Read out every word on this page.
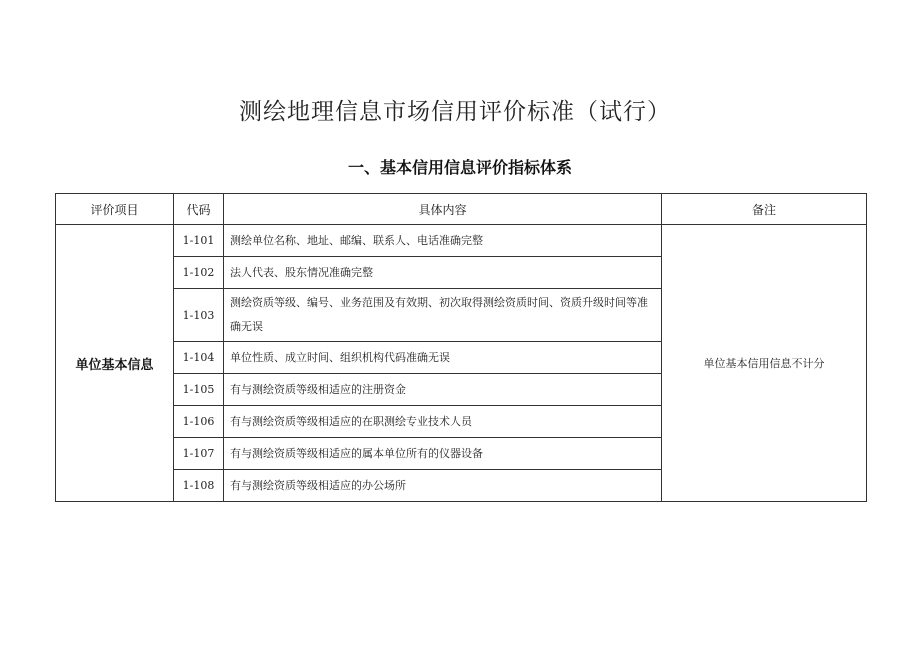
测绘地理信息市场信用评价标准（试行）
一、基本信用信息评价指标体系
评价项目	代码	具体内容	备注
单位基本信息	1-101	测绘单位名称、地址、邮编、联系人、电话准确完整	单位基本信用信息不计分
	1-102	法人代表、股东情况准确完整	
	1-103	测绘资质等级、编号、业务范围及有效期、初次取得测绘资质时间、资质升级时间等准确无误	
	1-104	单位性质、成立时间、组织机构代码准确无误	
	1-105	有与测绘资质等级相适应的注册资金	
	1-106	有与测绘资质等级相适应的在职测绘专业技术人员	
	1-107	有与测绘资质等级相适应的属本单位所有的仪器设备	
	1-108	有与测绘资质等级相适应的办公场所	
